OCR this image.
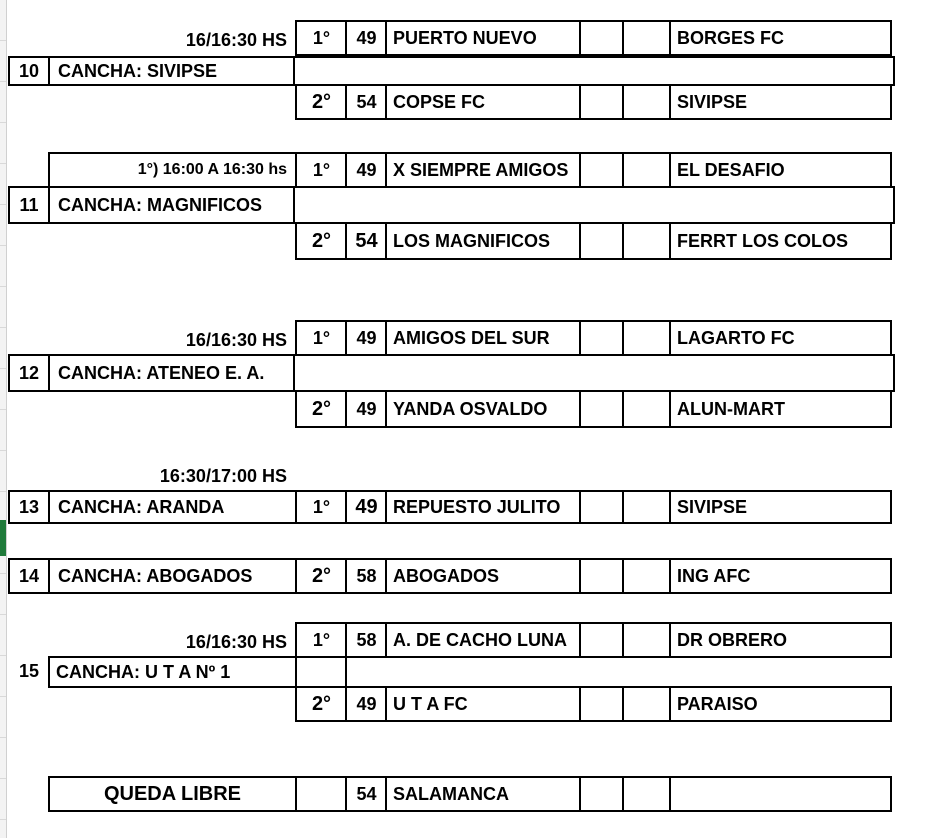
16/16:30 HS	1°	49 PUERTO NUEVO	BORGES FC
10	CANCHA: SIVIPSE
2°	54 COPSE FC	SIVIPSE
1°) 16:00 A 16:30 hs	1°	49 X SIEMPRE AMIGOS	EL DESAFIO
11	CANCHA: MAGNIFICOS
2°	54 LOS MAGNIFICOS	FERRT LOS COLOS
16/16:30 HS	1°	49 AMIGOS DEL SUR	LAGARTO FC
12	CANCHA: ATENEO E. A.
2°	49 YANDA OSVALDO	ALUN-MART
16:30/17:00 HS
13	CANCHA: ARANDA	1°	49 REPUESTO JULITO	SIVIPSE
14	CANCHA: ABOGADOS	2°	58 ABOGADOS	ING AFC
16/16:30 HS	1°	58 A. DE CACHO LUNA	DR OBRERO
15 CANCHA: U T A Nº 1
2°	49 U T A FC	PARAISO
QUEDA LIBRE	54 SALAMANCA
